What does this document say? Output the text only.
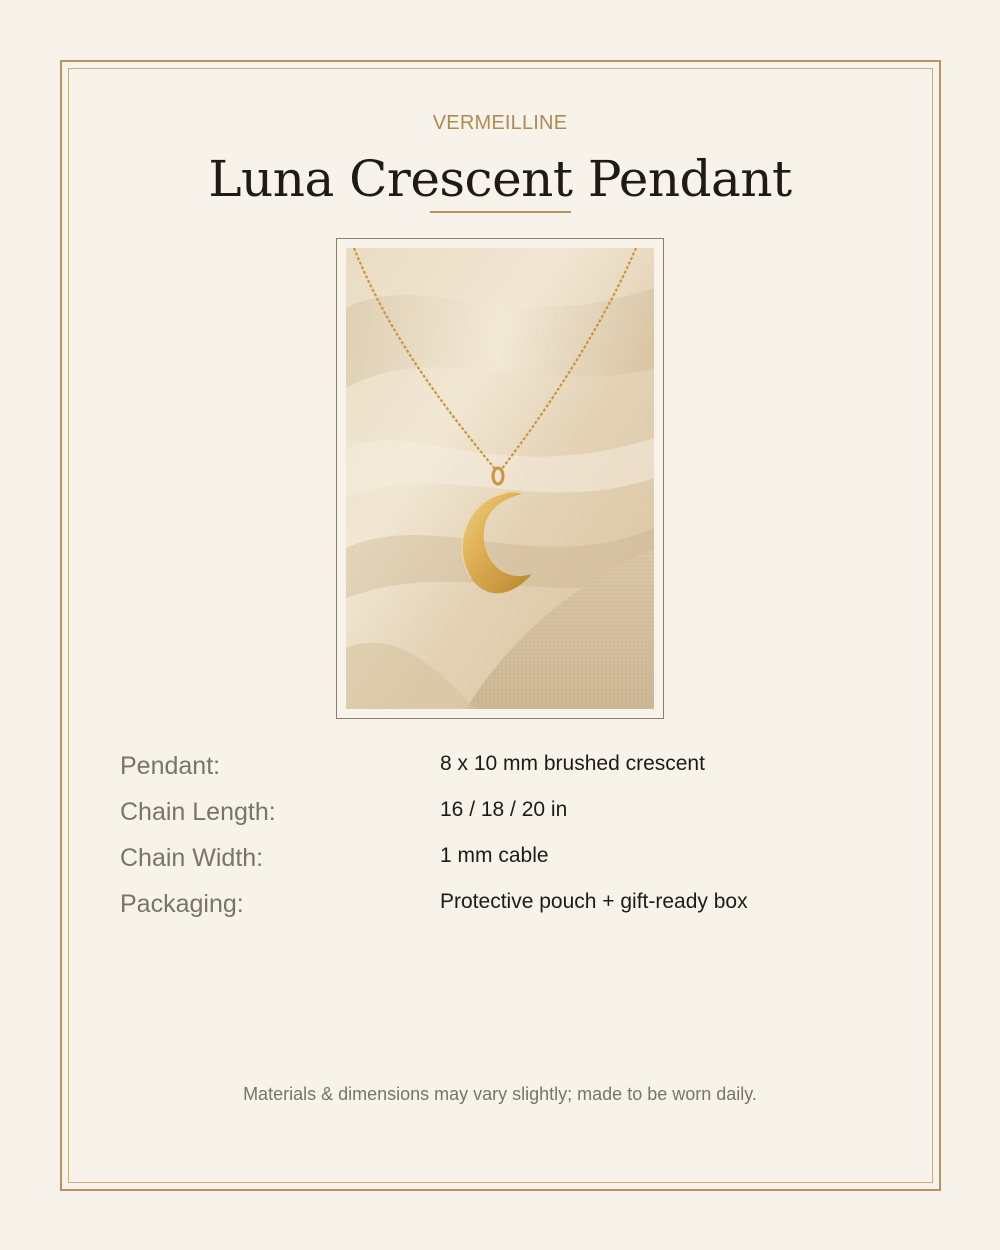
VERMEILLINE
Luna Crescent Pendant
Pendant:	8 x 10 mm brushed crescent
Chain Length:	16 / 18 / 20 in
Chain Width:	1 mm cable
Packaging:	Protective pouch + gift-ready box
Materials & dimensions may vary slightly; made to be worn daily.
